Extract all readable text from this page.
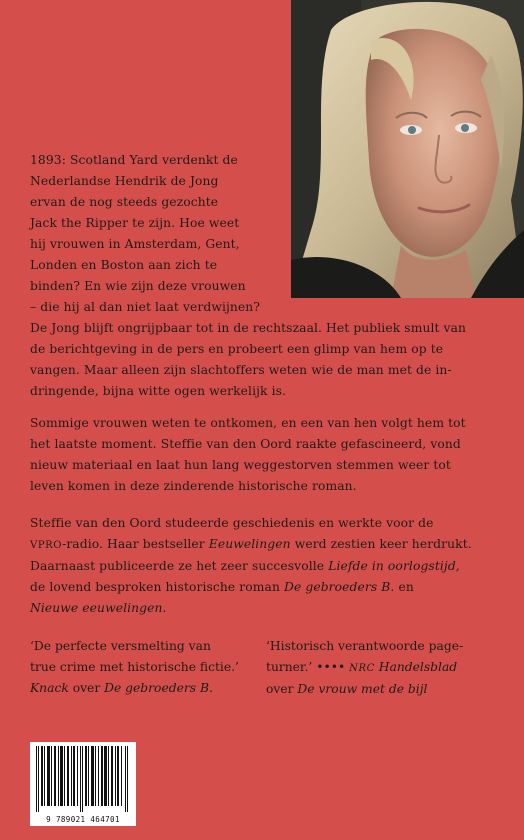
1893: Scotland Yard verdenkt de
Nederlandse Hendrik de Jong
ervan de nog steeds gezochte
Jack the Ripper te zijn. Hoe weet
hij vrouwen in Amsterdam, Gent,
Londen en Boston aan zich te
binden? En wie zijn deze vrouwen
– die hij al dan niet laat verdwijnen?
De Jong blijft ongrijpbaar tot in de rechtszaal. Het publiek smult van
de berichtgeving in de pers en probeert een glimp van hem op te
vangen. Maar alleen zijn slachtoffers weten wie de man met de in-
dringende, bijna witte ogen werkelijk is.
Sommige vrouwen weten te ontkomen, en een van hen volgt hem tot
het laatste moment. Steffie van den Oord raakte gefascineerd, vond
nieuw materiaal en laat hun lang weggestorven stemmen weer tot
leven komen in deze zinderende historische roman.
Steffie van den Oord studeerde geschiedenis en werkte voor de
VPRO-radio. Haar bestseller Eeuwelingen werd zestien keer herdrukt.
Daarnaast publiceerde ze het zeer succesvolle Liefde in oorlogstijd,
de lovend besproken historische roman De gebroeders B. en
Nieuwe eeuwelingen.
‘De perfecte versmelting van
true crime met historische fictie.’
Knack over De gebroeders B.
‘Historisch verantwoorde page-
turner.’ •••• NRC Handelsblad
over De vrouw met de bijl
9 789021 464701
